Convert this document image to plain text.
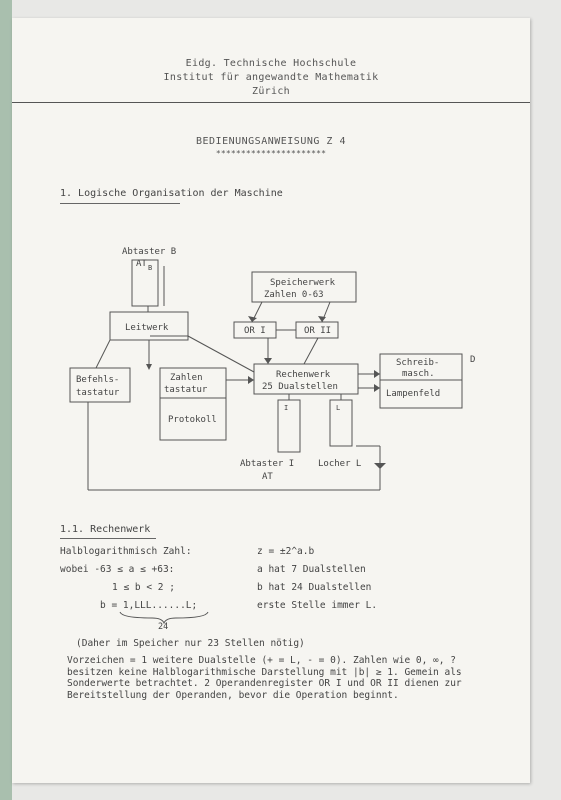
Eidg. Technische Hochschule
Institut für angewandte Mathematik
Zürich
BEDIENUNGSANWEISUNG Z 4
**********************
1. Logische Organisation der Maschine
Abtaster B
AT B
Leitwerk
Speicherwerk
Zahlen 0-63
OR I	OR II
Befehls-
tastatur
Zahlen
tastatur
Protokoll
Rechenwerk
25 Dualstellen
Schreib-
masch.
Lampenfeld
D
I	L
Abtaster I
AT
Locher L
1.1. Rechenwerk
Halblogarithmisch Zahl:	z = ±2^a.b
wobei -63 ≤ a ≤ +63:	a hat 7 Dualstellen
1 ≤ b < 2 ;	b hat 24 Dualstellen
b = 1,LLL......L;	erste Stelle immer L.
24
(Daher im Speicher nur 23 Stellen nötig)
Vorzeichen = 1 weitere Dualstelle (+ = L, - = 0). Zahlen wie 0, ∞, ? besitzen keine Halblogarithmische Darstellung mit |b| ≥ 1. Gemein als Sonderwerte betrachtet. 2 Operandenregister OR I und OR II dienen zur Bereitstellung der Operanden, bevor die Operation beginnt.
